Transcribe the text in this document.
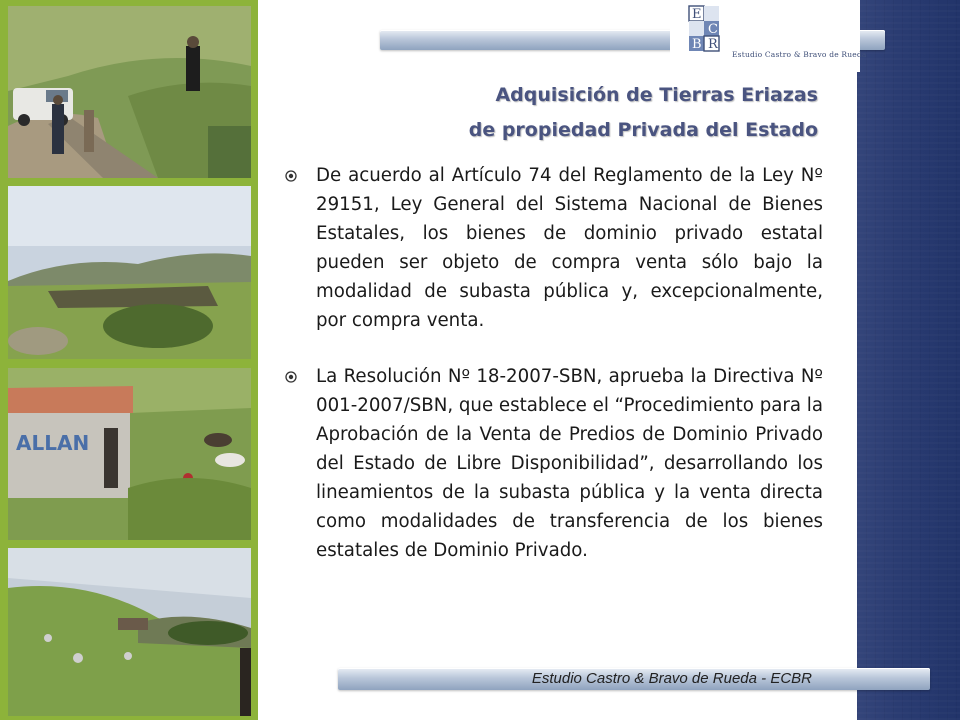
ALLAN
E
C
B R
Estudio Castro & Bravo de Rueda
Adquisición de Tierras Eriazas
de propiedad Privada del Estado
De acuerdo al Artículo 74 del Reglamento de la Ley Nº 29151, Ley General del Sistema Nacional de Bienes Estatales, los bienes de dominio privado estatal pueden ser objeto de compra venta sólo bajo la modalidad de subasta pública y, excepcionalmente, por compra venta.
La Resolución Nº 18-2007-SBN, aprueba la Directiva Nº 001-2007/SBN, que establece el “Procedimiento para la Aprobación de la Venta de Predios de Dominio Privado del Estado de Libre Disponibilidad”, desarrollando los lineamientos de la subasta pública y la venta directa como modalidades de transferencia de los bienes estatales de Dominio Privado.
Estudio Castro & Bravo de Rueda - ECBR
